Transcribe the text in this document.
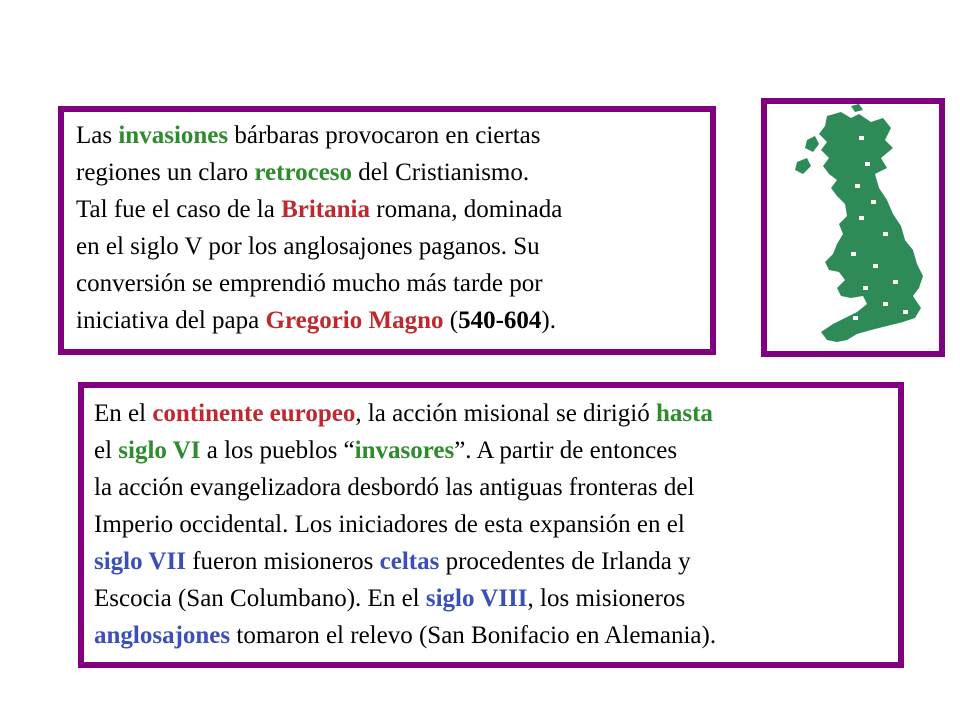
Las invasiones bárbaras provocaron en ciertas

regiones un claro retroceso del Cristianismo.

Tal fue el caso de la Britania romana, dominada

en el siglo V por los anglosajones paganos. Su

conversión se emprendió mucho más tarde por

iniciativa del papa Gregorio Magno (540-604).

En el continente europeo, la acción misional se dirigió hasta

el siglo VI a los pueblos “invasores”. A partir de entonces

la acción evangelizadora desbordó las antiguas fronteras del

Imperio occidental. Los iniciadores de esta expansión en el

siglo VII fueron misioneros celtas procedentes de Irlanda y

Escocia (San Columbano). En el siglo VIII, los misioneros

anglosajones tomaron el relevo (San Bonifacio en Alemania).
